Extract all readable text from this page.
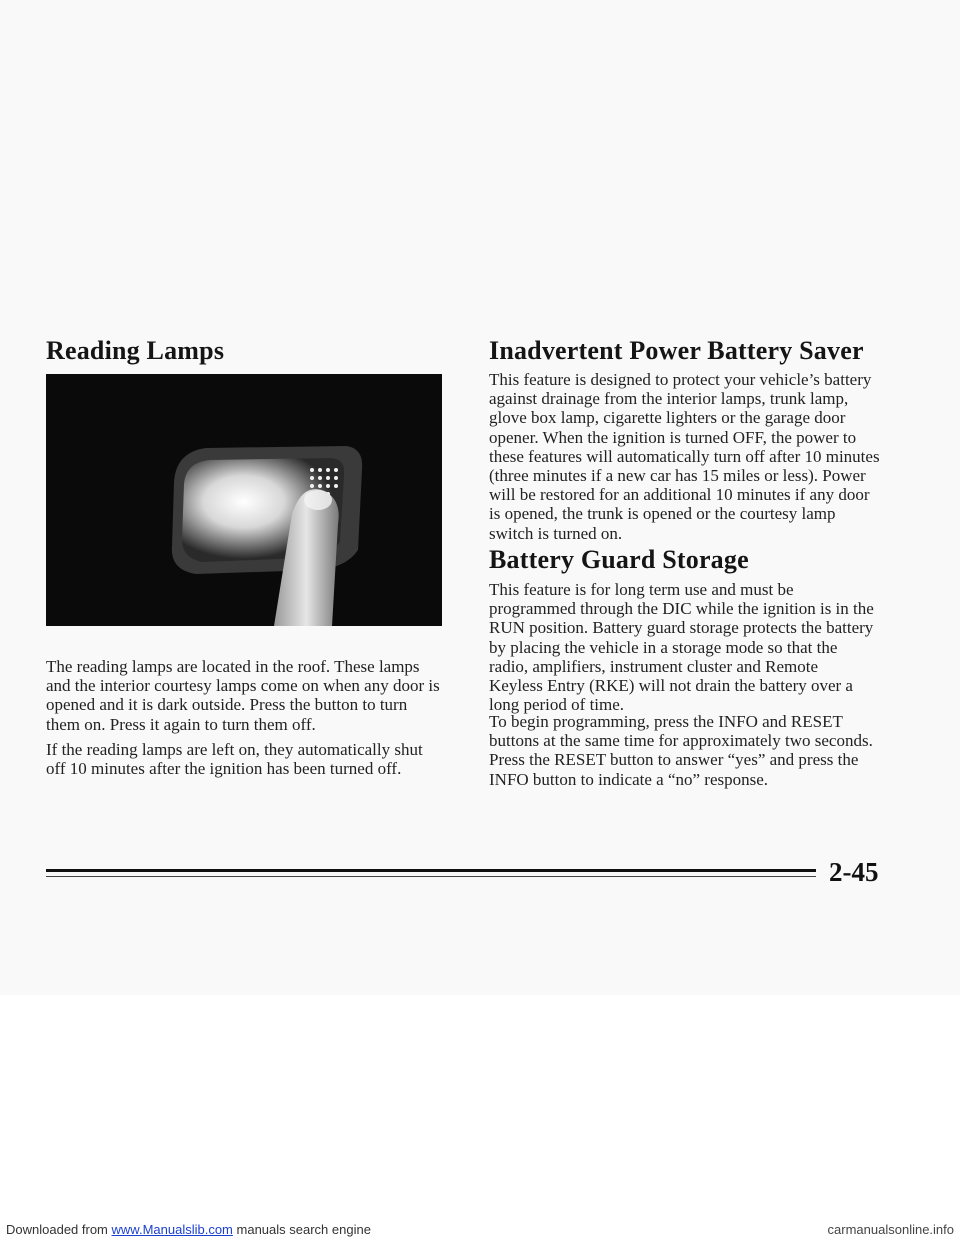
Reading Lamps

The reading lamps are located in the roof. These lamps and the interior courtesy lamps come on when any door is opened and it is dark outside. Press the button to turn them on. Press it again to turn them off.

If the reading lamps are left on, they automatically shut off 10 minutes after the ignition has been turned off.

Inadvertent Power Battery Saver

This feature is designed to protect your vehicle’s battery against drainage from the interior lamps, trunk lamp, glove box lamp, cigarette lighters or the garage door opener. When the ignition is turned OFF, the power to these features will automatically turn off after 10 minutes (three minutes if a new car has 15 miles or less). Power will be restored for an additional 10 minutes if any door is opened, the trunk is opened or the courtesy lamp switch is turned on.

Battery Guard Storage

This feature is for long term use and must be programmed through the DIC while the ignition is in the RUN position. Battery guard storage protects the battery by placing the vehicle in a storage mode so that the radio, amplifiers, instrument cluster and Remote Keyless Entry (RKE) will not drain the battery over a long period of time.

To begin programming, press the INFO and RESET buttons at the same time for approximately two seconds. Press the RESET button to answer “yes” and press the INFO button to indicate a “no” response.

2-45
Downloaded from www.Manualslib.com manuals search engine	carmanualsonline.info
